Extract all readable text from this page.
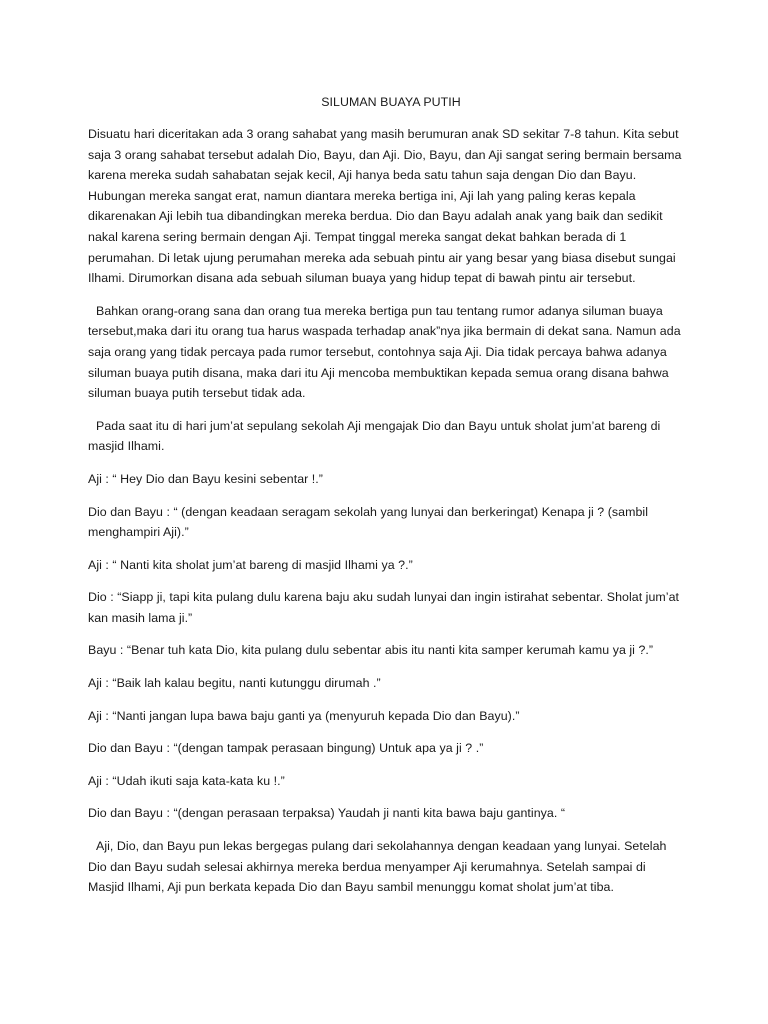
SILUMAN BUAYA PUTIH

Disuatu hari diceritakan ada 3 orang sahabat yang masih berumuran anak SD sekitar 7-8 tahun. Kita sebut saja 3 orang sahabat tersebut adalah Dio, Bayu, dan Aji. Dio, Bayu, dan Aji sangat sering bermain bersama karena mereka sudah sahabatan sejak kecil, Aji hanya beda satu tahun saja dengan Dio dan Bayu. Hubungan mereka sangat erat, namun diantara mereka bertiga ini, Aji lah yang paling keras kepala dikarenakan Aji lebih tua dibandingkan mereka berdua. Dio dan Bayu adalah anak yang baik dan sedikit nakal karena sering bermain dengan Aji. Tempat tinggal mereka sangat dekat bahkan berada di 1 perumahan. Di letak ujung perumahan mereka ada sebuah pintu air yang besar yang biasa disebut sungai Ilhami. Dirumorkan disana ada sebuah siluman buaya yang hidup tepat di bawah pintu air tersebut.

Bahkan orang-orang sana dan orang tua mereka bertiga pun tau tentang rumor adanya siluman buaya tersebut,maka dari itu orang tua harus waspada terhadap anak”nya jika bermain di dekat sana. Namun ada saja orang yang tidak percaya pada rumor tersebut, contohnya saja Aji. Dia tidak percaya bahwa adanya siluman buaya putih disana, maka dari itu Aji mencoba membuktikan kepada semua orang disana bahwa siluman buaya putih tersebut tidak ada.

Pada saat itu di hari jum’at sepulang sekolah Aji mengajak Dio dan Bayu untuk sholat jum’at bareng di masjid Ilhami.

Aji : “ Hey Dio dan Bayu kesini sebentar !.”

Dio dan Bayu : “ (dengan keadaan seragam sekolah yang lunyai dan berkeringat) Kenapa ji ? (sambil menghampiri Aji).”

Aji : “ Nanti kita sholat jum’at bareng di masjid Ilhami ya ?.”

Dio : “Siapp ji, tapi kita pulang dulu karena baju aku sudah lunyai dan ingin istirahat sebentar. Sholat jum’at kan masih lama ji.”

Bayu : “Benar tuh kata Dio, kita pulang dulu sebentar abis itu nanti kita samper kerumah kamu ya ji ?.”

Aji : “Baik lah kalau begitu, nanti kutunggu dirumah .”

Aji : “Nanti jangan lupa bawa baju ganti ya (menyuruh kepada Dio dan Bayu).”

Dio dan Bayu : “(dengan tampak perasaan bingung) Untuk apa ya ji ? .”

Aji : “Udah ikuti saja kata-kata ku !.”

Dio dan Bayu : “(dengan perasaan terpaksa) Yaudah ji nanti kita bawa baju gantinya. “

Aji, Dio, dan Bayu pun lekas bergegas pulang dari sekolahannya dengan keadaan yang lunyai. Setelah Dio dan Bayu sudah selesai akhirnya mereka berdua menyamper Aji kerumahnya. Setelah sampai di Masjid Ilhami, Aji pun berkata kepada Dio dan Bayu sambil menunggu komat sholat jum’at tiba.
